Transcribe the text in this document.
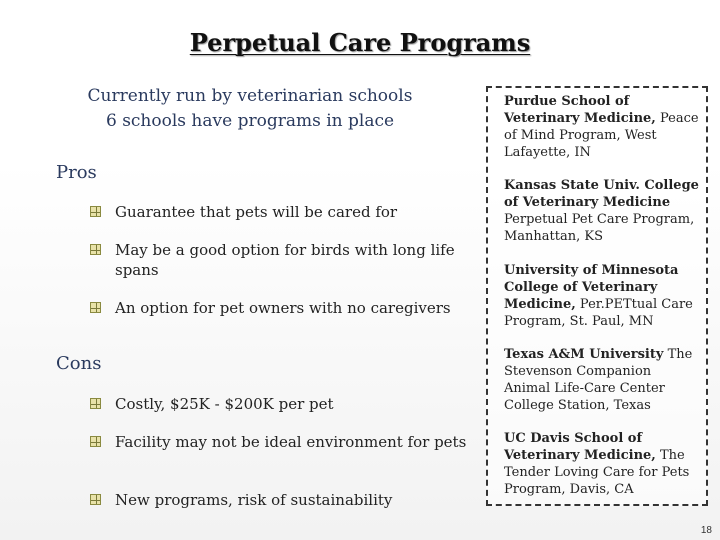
Perpetual Care Programs
Currently run by veterinarian schools
6 schools have programs in place
Pros
Guarantee that pets will be cared for
May be a good option for birds with long life spans
An option for pet owners with no caregivers
Cons
Costly, $25K - $200K per pet
Facility may not be ideal environment for pets
New programs, risk of sustainability
Purdue School of Veterinary Medicine, Peace of Mind Program, West Lafayette, IN
Kansas State Univ. College of Veterinary Medicine Perpetual Pet Care Program, Manhattan, KS
University of Minnesota College of Veterinary Medicine, Per.PETtual Care Program, St. Paul, MN
Texas A&M University The Stevenson Companion Animal Life-Care Center College Station, Texas
UC Davis School of Veterinary Medicine, The Tender Loving Care for Pets Program, Davis, CA
18
